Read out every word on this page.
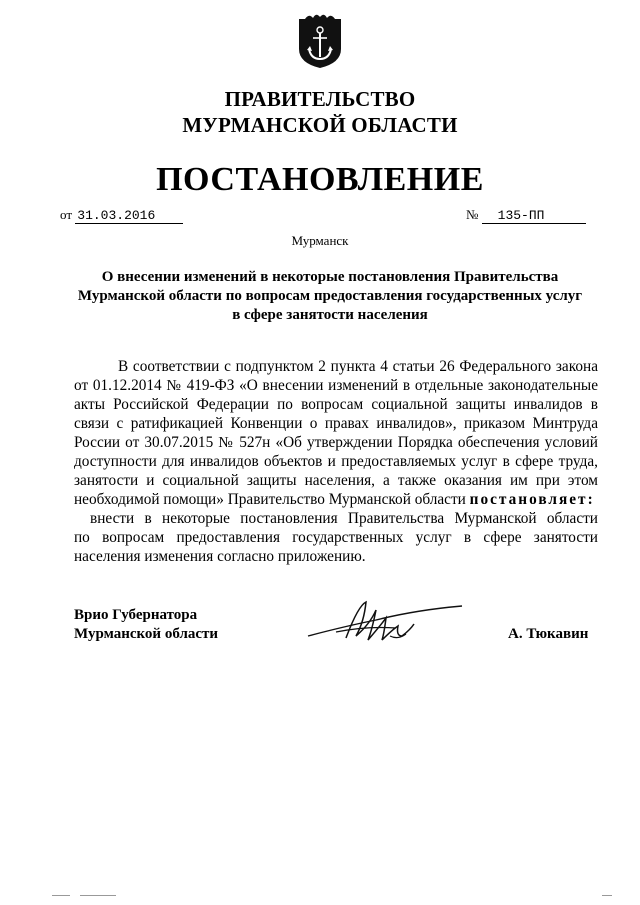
ПРАВИТЕЛЬСТВО
МУРМАНСКОЙ ОБЛАСТИ
ПОСТАНОВЛЕНИЕ
от 31.03.2016	№ 135-ПП
Мурманск
О внесении изменений в некоторые постановления Правительства
Мурманской области по вопросам предоставления государственных услуг
в сфере занятости населения
В соответствии с подпунктом 2 пункта 4 статьи 26 Федерального закона
от 01.12.2014 № 419-ФЗ «О внесении изменений в отдельные законодательные
акты Российской Федерации по вопросам социальной защиты инвалидов в
связи с ратификацией Конвенции о правах инвалидов», приказом Минтруда
России от 30.07.2015 № 527н «Об утверждении Порядка обеспечения условий
доступности для инвалидов объектов и предоставляемых услуг в сфере труда,
занятости и социальной защиты населения, а также оказания им при этом
необходимой помощи» Правительство Мурманской области постановляет:
внести в некоторые постановления Правительства Мурманской области
по вопросам предоставления государственных услуг в сфере занятости
населения изменения согласно приложению.
Врио Губернатора
Мурманской области	А. Тюкавин
